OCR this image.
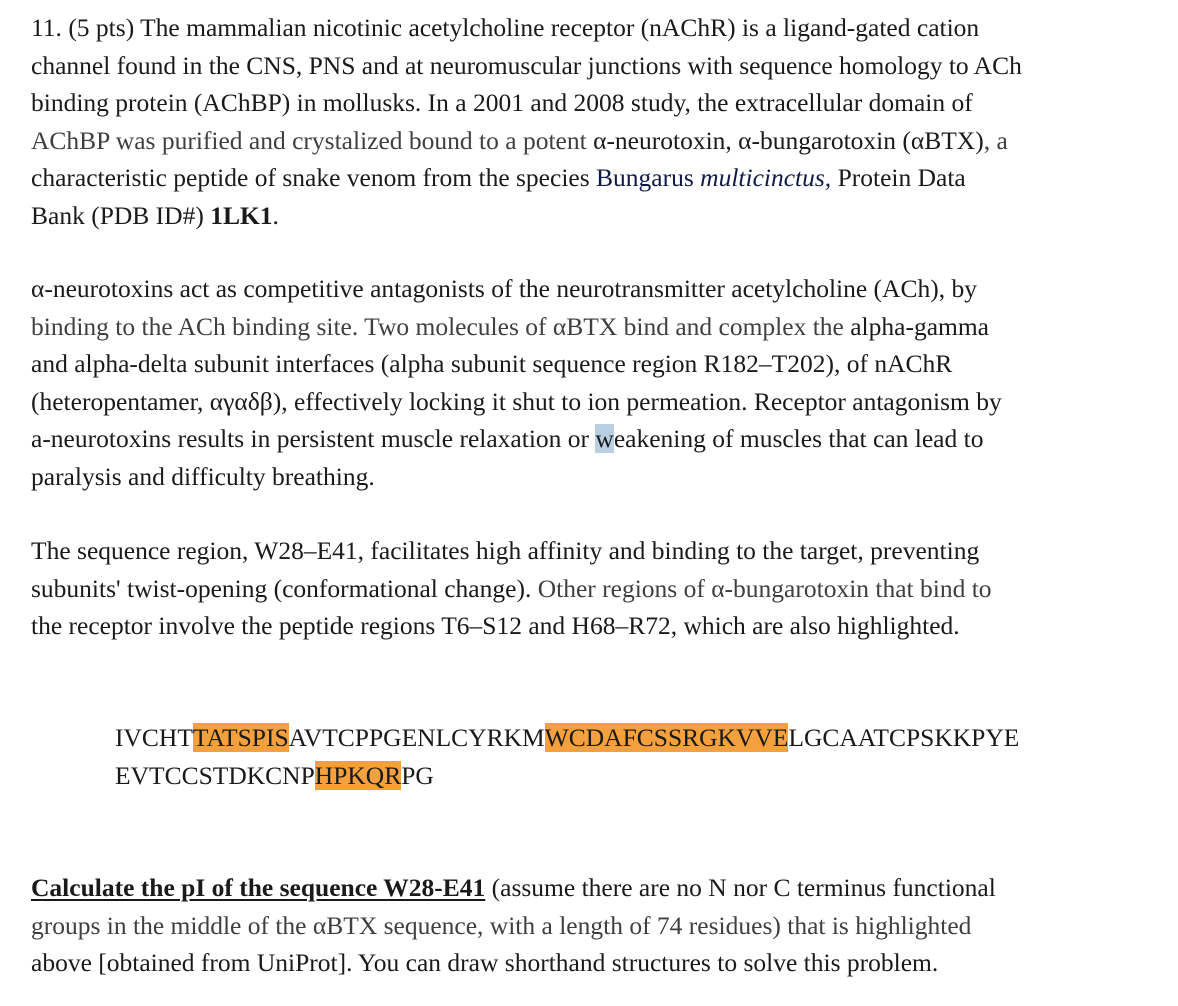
11. (5 pts) The mammalian nicotinic acetylcholine receptor (nAChR) is a ligand-gated cation
channel found in the CNS, PNS and at neuromuscular junctions with sequence homology to ACh
binding protein (AChBP) in mollusks. In a 2001 and 2008 study, the extracellular domain of
AChBP was purified and crystalized bound to a potent α-neurotoxin, α-bungarotoxin (αBTX), a
characteristic peptide of snake venom from the species Bungarus multicinctus, Protein Data
Bank (PDB ID#) 1LK1.
α-neurotoxins act as competitive antagonists of the neurotransmitter acetylcholine (ACh), by
binding to the ACh binding site. Two molecules of αBTX bind and complex the alpha-gamma
and alpha-delta subunit interfaces (alpha subunit sequence region R182–T202), of nAChR
(heteropentamer, αγαδβ), effectively locking it shut to ion permeation. Receptor antagonism by
a-neurotoxins results in persistent muscle relaxation or weakening of muscles that can lead to
paralysis and difficulty breathing.
The sequence region, W28–E41, facilitates high affinity and binding to the target, preventing
subunits' twist-opening (conformational change). Other regions of α-bungarotoxin that bind to
the receptor involve the peptide regions T6–S12 and H68–R72, which are also highlighted.
IVCHTTATSPISAVTCPPGENLCYRKMWCDAFCSSRGKVVELGCAATCPSKKPYE
EVTCCSTDKCNPHPKQRPG
Calculate the pI of the sequence W28-E41 (assume there are no N nor C terminus functional
groups in the middle of the αBTX sequence, with a length of 74 residues) that is highlighted
above [obtained from UniProt]. You can draw shorthand structures to solve this problem.
